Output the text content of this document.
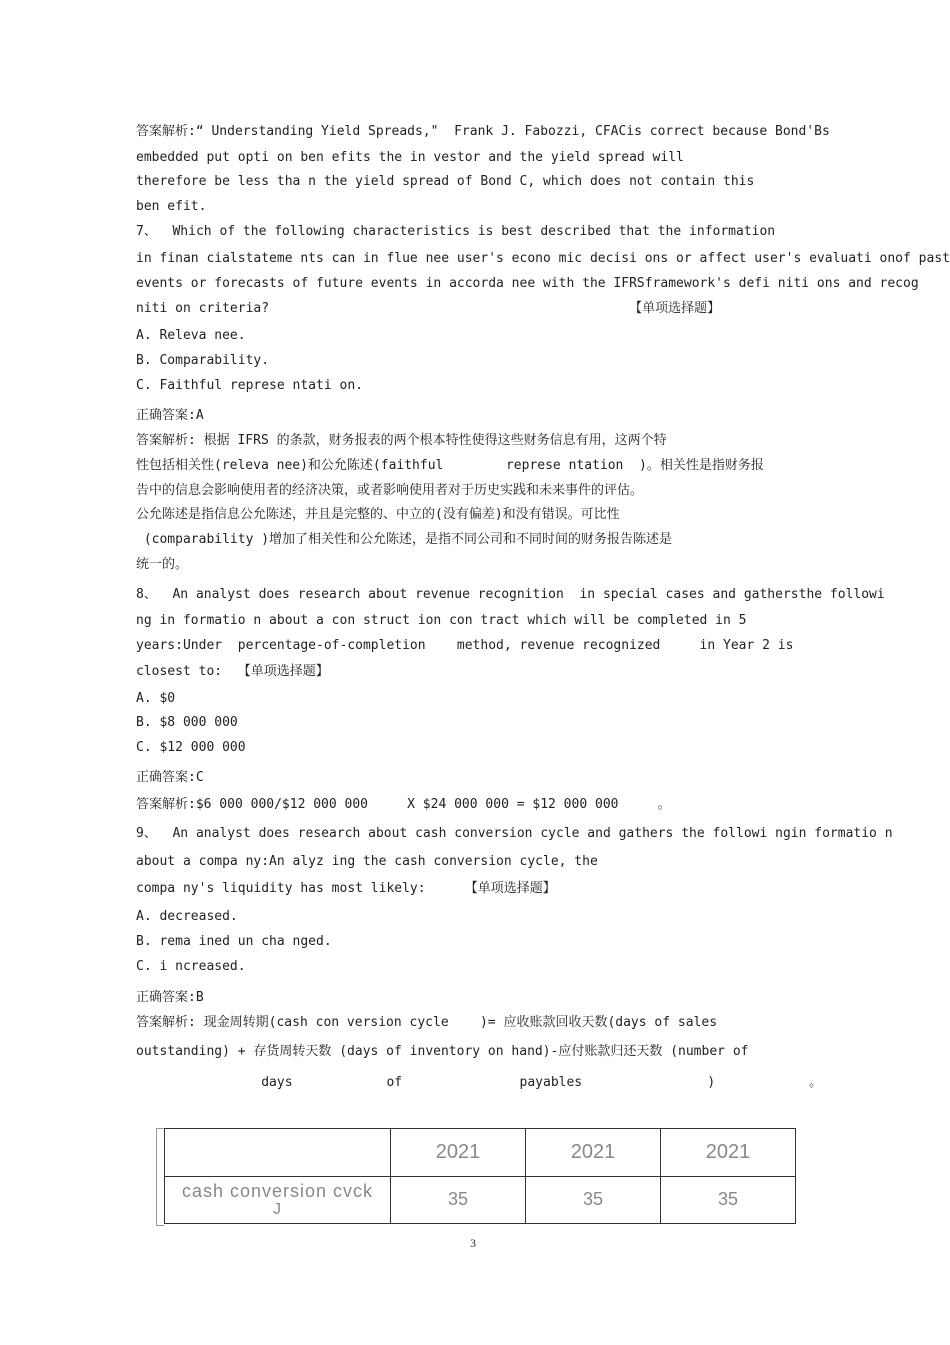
答案解析:“ Understanding Yield Spreads,"  Frank J. Fabozzi, CFACis correct because Bond'Bs
embedded put opti on ben efits the in vestor and the yield spread will
therefore be less tha n the yield spread of Bond C, which does not contain this
ben efit.
7、  Which of the following characteristics is best described that the information
in finan cialstateme nts can in flue nee user's econo mic decisi ons or affect user's evaluati onof past
events or forecasts of future events in accorda nee with the IFRSframework's defi niti ons and recog
niti on criteria?                                              【单项选择题】
A. Releva nee.
B. Comparability.
C. Faithful represe ntati on.
正确答案:A
答案解析: 根据 IFRS 的条款，财务报表的两个根本特性使得这些财务信息有用，这两个特
性包括相关性(releva nee)和公允陈述(faithful        represe ntation  )。相关性是指财务报
告中的信息会影响使用者的经济决策，或者影响使用者对于历史实践和未来事件的评估。
公允陈述是指信息公允陈述，并且是完整的、中立的(没有偏差)和没有错误。可比性
(comparability )增加了相关性和公允陈述，是指不同公司和不同时间的财务报告陈述是
统一的。
8、  An analyst does research about revenue recognition  in special cases and gathersthe followi
ng in formatio n about a con struct ion con tract which will be completed in 5
years:Under  percentage-of-completion    method, revenue recognized     in Year 2 is
closest to:  【单项选择题】
A. $0
B. $8 000 000
C. $12 000 000
正确答案:C
答案解析:$6 000 000/$12 000 000     X $24 000 000 = $12 000 000     。
9、  An analyst does research about cash conversion cycle and gathers the followi ngin formatio n
about a compa ny:An alyz ing the cash conversion cycle, the
compa ny's liquidity has most likely:     【单项选择题】
A. decreased.
B. rema ined un cha nged.
C. i ncreased.
正确答案:B
答案解析: 现金周转期(cash con version cycle    )= 应收账款回收天数(days of sales
outstanding) + 存货周转天数 (days of inventory on hand)-应付账款归还天数 (number of
days            of               payables                )            。
	2021	2021	2021

cash conversion cvck
J	35	35	35
3
